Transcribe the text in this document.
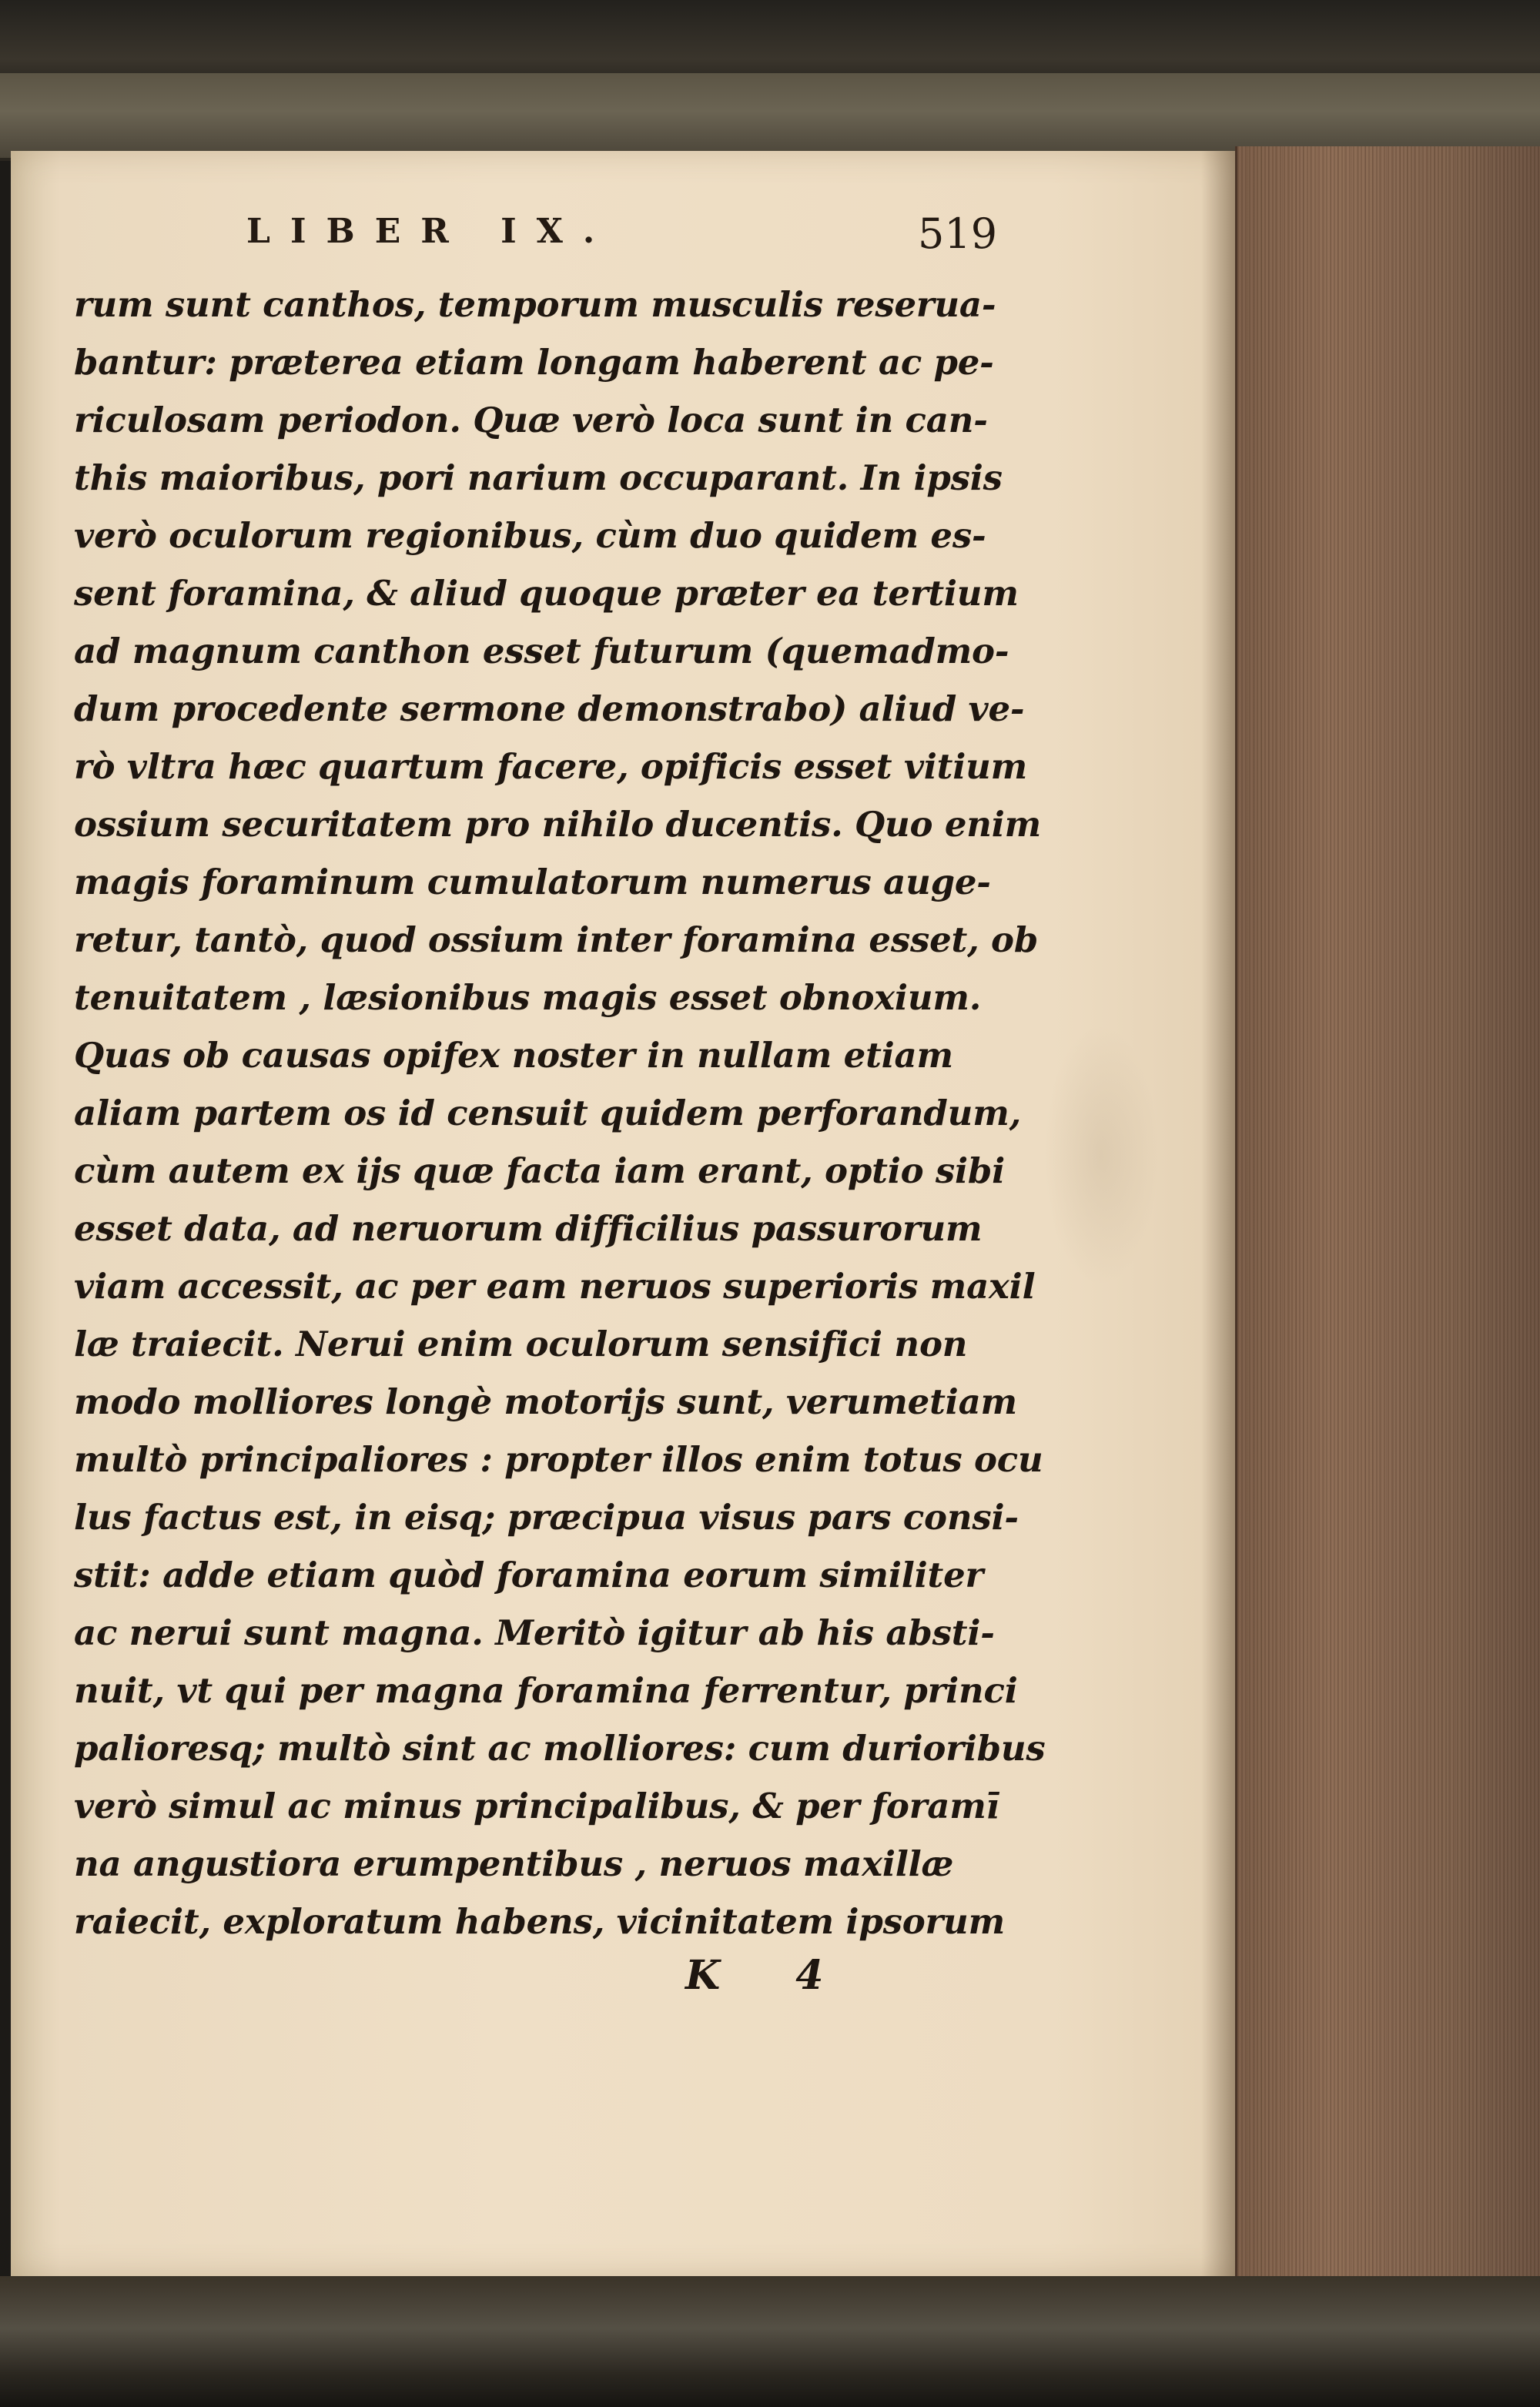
LIBER IX.	519
rum sunt canthos, temporum musculis reserua-
bantur: præterea etiam longam haberent ac pe-
riculosam periodon. Quæ verò loca sunt in can-
this maioribus, pori narium occuparant. In ipsis
verò oculorum regionibus, cùm duo quidem es-
sent foramina, & aliud quoque præter ea tertium
ad magnum canthon esset futurum (quemadmo-
dum procedente sermone demonstrabo) aliud ve-
rò vltra hæc quartum facere, opificis esset vitium
ossium securitatem pro nihilo ducentis. Quo enim
magis foraminum cumulatorum numerus auge-
retur, tantò, quod ossium inter foramina esset, ob
tenuitatem , læsionibus magis esset obnoxium.
Quas ob causas opifex noster in nullam etiam
aliam partem os id censuit quidem perforandum,
cùm autem ex ijs quæ facta iam erant, optio sibi
esset data, ad neruorum difficilius passurorum
viam accessit, ac per eam neruos superioris maxil
læ traiecit. Nerui enim oculorum sensifici non
modo molliores longè motorijs sunt, verumetiam
multò principaliores : propter illos enim totus ocu
lus factus est, in eisq; præcipua visus pars consi-
stit: adde etiam quòd foramina eorum similiter
ac nerui sunt magna. Meritò igitur ab his absti-
nuit, vt qui per magna foramina ferrentur, princi
palioresq; multò sint ac molliores: cum durioribus
verò simul ac minus principalibus, & per foramī
na angustiora erumpentibus , neruos maxillæ
raiecit, exploratum habens, vicinitatem ipsorum
K 4
